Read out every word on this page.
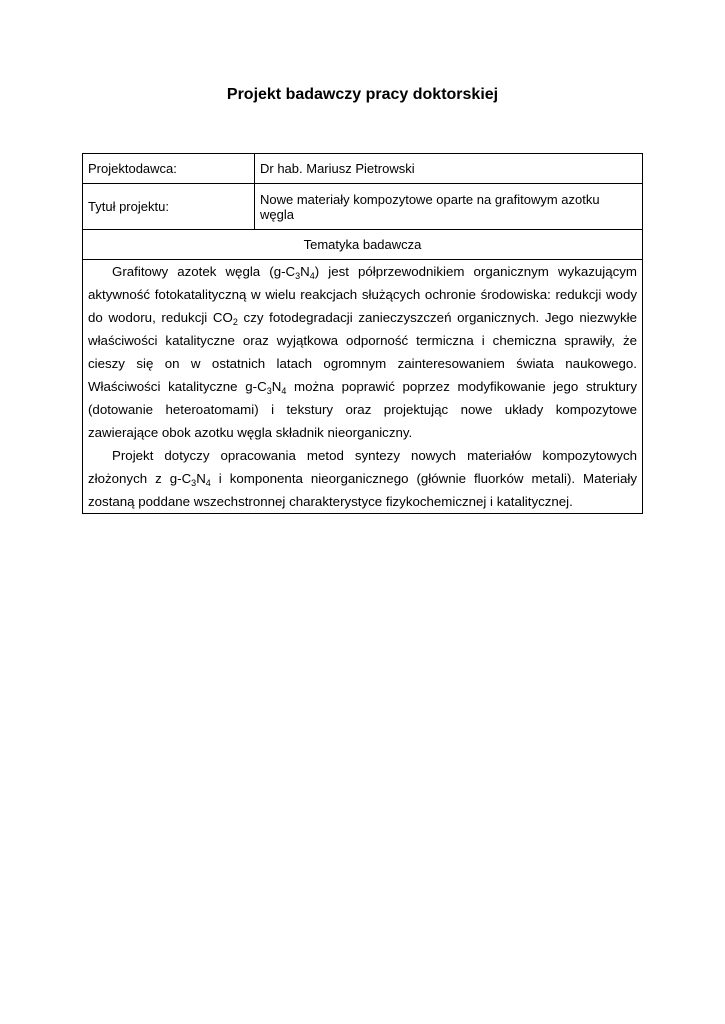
Projekt badawczy pracy doktorskiej
Projektodawca:	Dr hab. Mariusz Pietrowski
Tytuł projektu:	Nowe materiały kompozytowe oparte na grafitowym azotku węgla
Tematyka badawcza	

Grafitowy azotek węgla $(g-C_3N_4)$ jest półprzewodnikiem organicznym wykazującym aktywność fotokatalityczną w wielu reakcjach służących ochronie środowiska: redukcji wody do wodoru, redukcji $CO_2$ czy fotodegradacji zanieczyszczeń organicznych. Jego niezwykłe właściwości katalityczne oraz wyjątkowa odporność termiczna i chemiczna sprawiły, że cieszy się on w ostatnich latach ogromnym zainteresowaniem świata naukowego. Właściwości katalityczne $g-C_3N_4$ można poprawić poprzez modyfikowanie jego struktury (dotowanie heteroatomami) i tekstury oraz projektując nowe układy kompozytowe zawierające obok azotku węgla składnik nieorganiczny.

Projekt dotyczy opracowania metod syntezy nowych materiałów kompozytowych złożonych z $g-C_3N_4$ i komponenta nieorganicznego (głównie fluorków metali). Materiały zostaną poddane wszechstronnej charakterystyce fizykochemicznej i katalitycznej.	
